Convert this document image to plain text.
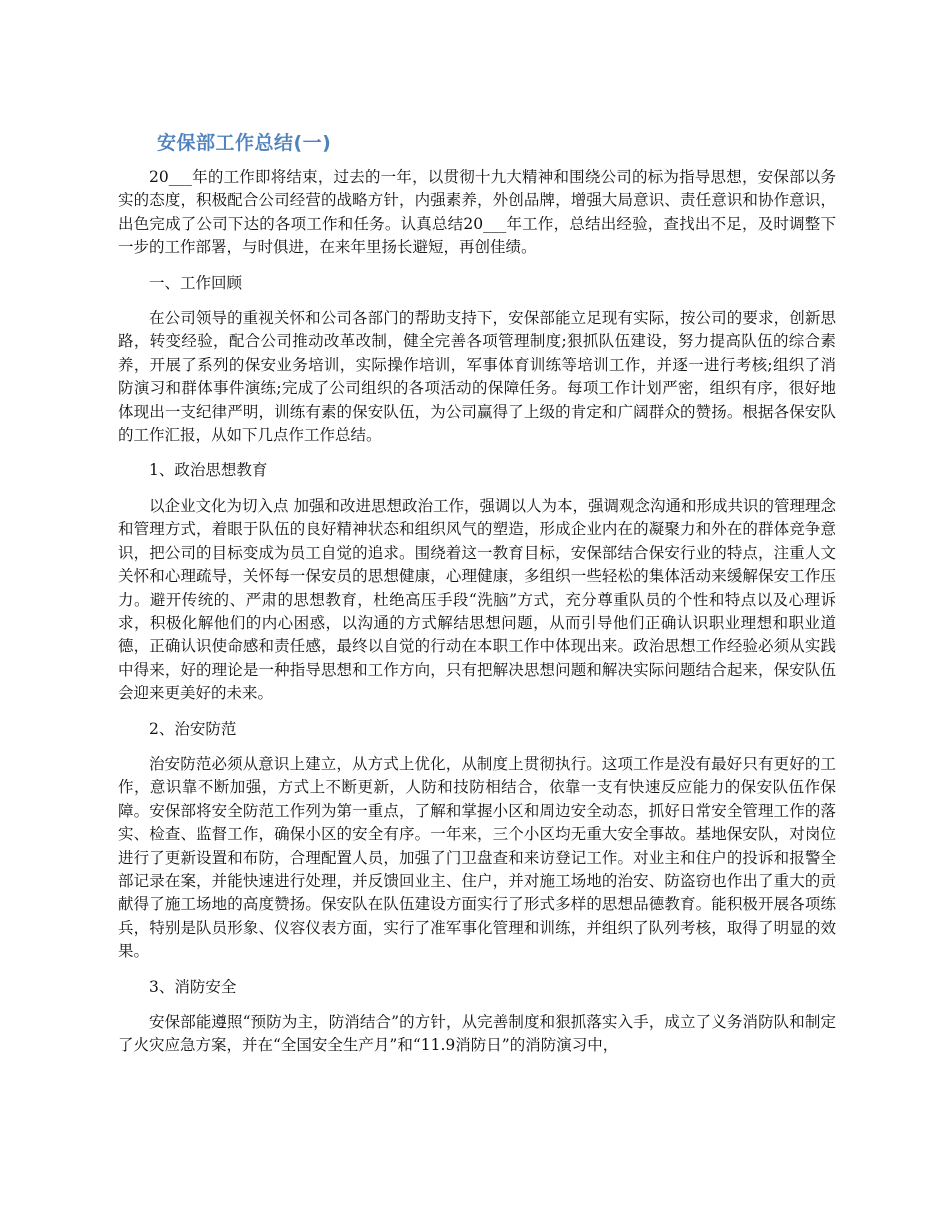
安保部工作总结(一)

20___年的工作即将结束，过去的一年，以贯彻十九大精神和围绕公司的标为指导思想，安保部以务实的态度，积极配合公司经营的战略方针，内强素养，外创品牌，增强大局意识、责任意识和协作意识，出色完成了公司下达的各项工作和任务。认真总结20___年工作，总结出经验，查找出不足，及时调整下一步的工作部署，与时俱进，在来年里扬长避短，再创佳绩。

一、工作回顾

在公司领导的重视关怀和公司各部门的帮助支持下，安保部能立足现有实际，按公司的要求，创新思路，转变经验，配合公司推动改革改制，健全完善各项管理制度;狠抓队伍建设，努力提高队伍的综合素养，开展了系列的保安业务培训，实际操作培训，军事体育训练等培训工作，并逐一进行考核;组织了消防演习和群体事件演练;完成了公司组织的各项活动的保障任务。每项工作计划严密，组织有序，很好地体现出一支纪律严明，训练有素的保安队伍，为公司赢得了上级的肯定和广阔群众的赞扬。根据各保安队的工作汇报，从如下几点作工作总结。

1、政治思想教育

以企业文化为切入点 加强和改进思想政治工作，强调以人为本，强调观念沟通和形成共识的管理理念和管理方式，着眼于队伍的良好精神状态和组织风气的塑造，形成企业内在的凝聚力和外在的群体竞争意识，把公司的目标变成为员工自觉的追求。围绕着这一教育目标，安保部结合保安行业的特点，注重人文关怀和心理疏导，关怀每一保安员的思想健康，心理健康，多组织一些轻松的集体活动来缓解保安工作压力。避开传统的、严肃的思想教育，杜绝高压手段“洗脑”方式，充分尊重队员的个性和特点以及心理诉求，积极化解他们的内心困惑，以沟通的方式解结思想问题，从而引导他们正确认识职业理想和职业道德，正确认识使命感和责任感，最终以自觉的行动在本职工作中体现出来。政治思想工作经验必须从实践中得来，好的理论是一种指导思想和工作方向，只有把解决思想问题和解决实际问题结合起来，保安队伍会迎来更美好的未来。

2、治安防范

治安防范必须从意识上建立，从方式上优化，从制度上贯彻执行。这项工作是没有最好只有更好的工作，意识靠不断加强，方式上不断更新，人防和技防相结合，依靠一支有快速反应能力的保安队伍作保障。安保部将安全防范工作列为第一重点，了解和掌握小区和周边安全动态，抓好日常安全管理工作的落实、检查、监督工作，确保小区的安全有序。一年来，三个小区均无重大安全事故。基地保安队，对岗位进行了更新设置和布防，合理配置人员，加强了门卫盘查和来访登记工作。对业主和住户的投诉和报警全部记录在案，并能快速进行处理，并反馈回业主、住户，并对施工场地的治安、防盗窃也作出了重大的贡献得了施工场地的高度赞扬。保安队在队伍建设方面实行了形式多样的思想品德教育。能积极开展各项练兵，特别是队员形象、仪容仪表方面，实行了准军事化管理和训练，并组织了队列考核，取得了明显的效果。

3、消防安全

安保部能遵照“预防为主，防消结合”的方针，从完善制度和狠抓落实入手，成立了义务消防队和制定了火灾应急方案，并在“全国安全生产月”和“11.9消防日”的消防演习中，
